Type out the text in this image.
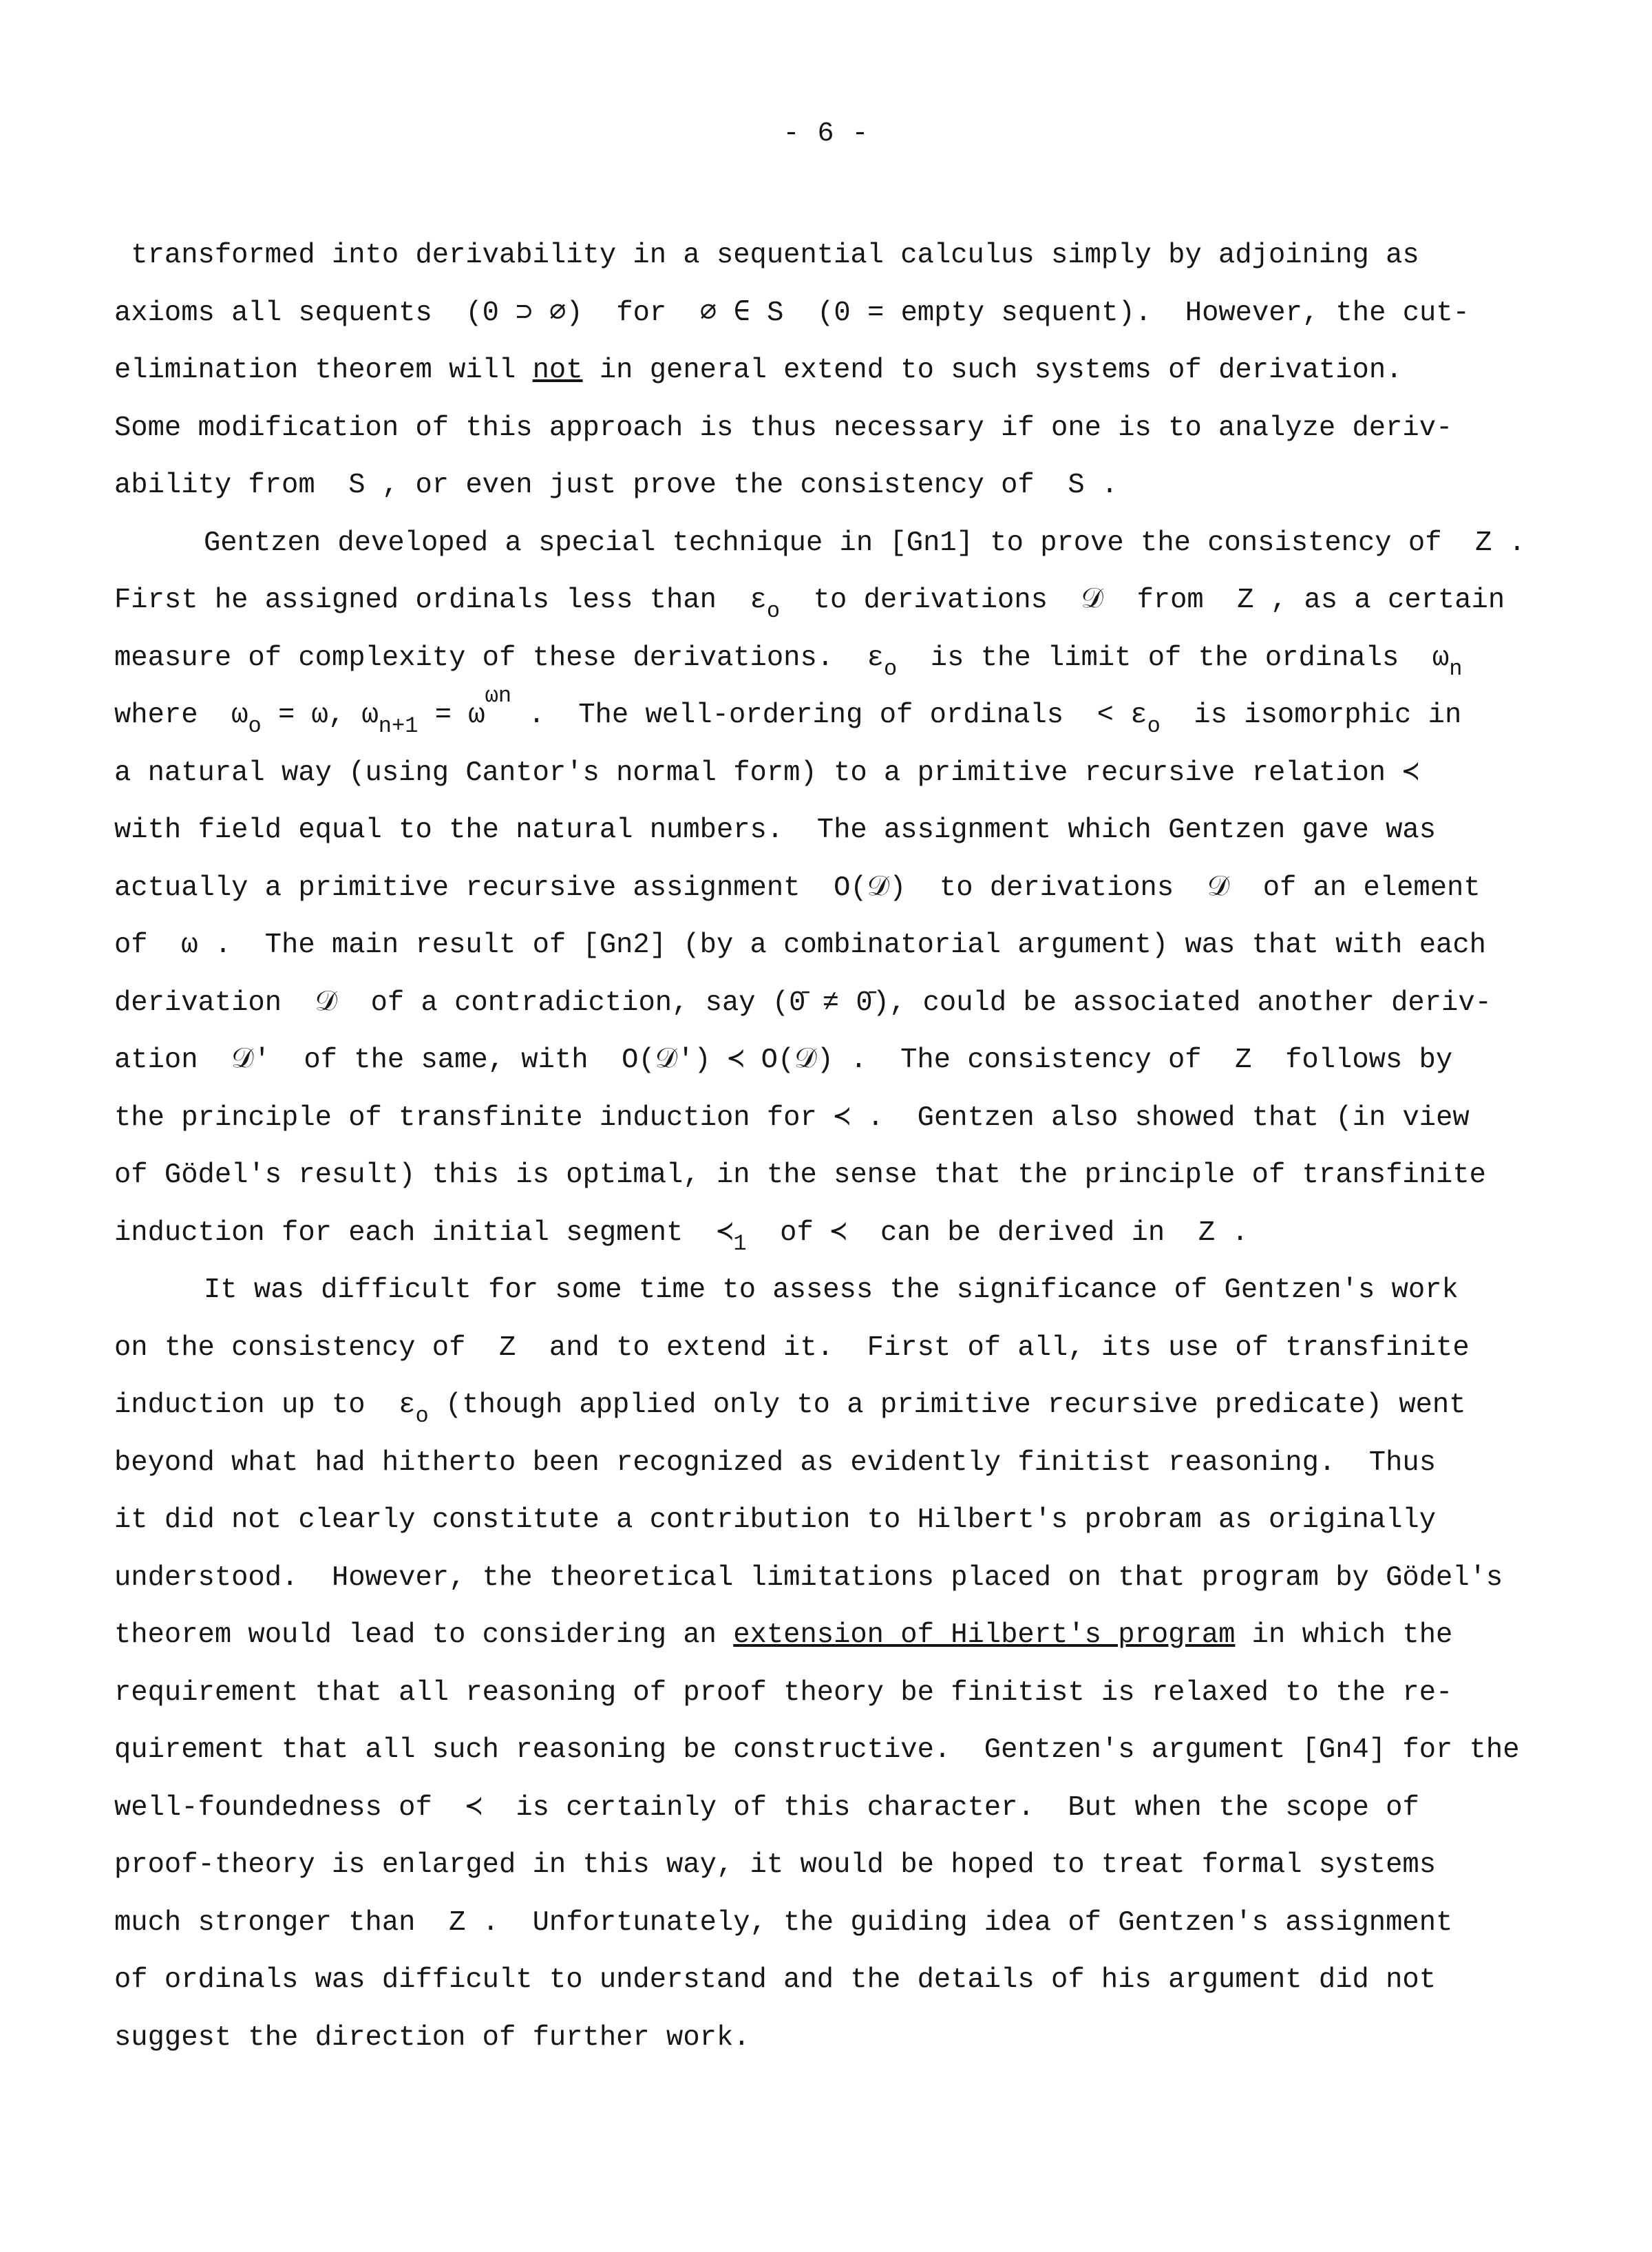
- 6 -
transformed into derivability in a sequential calculus simply by adjoining as
axioms all sequents  (0 ⊃ ∅)  for  ∅ ∈ S  (0 = empty sequent).  However, the cut-
elimination theorem will not in general extend to such systems of derivation.
Some modification of this approach is thus necessary if one is to analyze deriv-
ability from  S , or even just prove the consistency of  S .
Gentzen developed a special technique in [Gn1] to prove the consistency of  Z .
First he assigned ordinals less than  $\varepsilon_o$  to derivations  𝒟  from  Z , as a certain
measure of complexity of these derivations.  $\varepsilon_o$  is the limit of the ordinals  $\omega_n$
where  $\omega_o = \omega$, $\omega_{n+1} = \omega^{\omega n}$ .  The well-ordering of ordinals  < $\varepsilon_o$  is isomorphic in
a natural way (using Cantor's normal form) to a primitive recursive relation ≺
with field equal to the natural numbers.  The assignment which Gentzen gave was
actually a primitive recursive assignment  O(𝒟)  to derivations  𝒟  of an element
of  ω .  The main result of [Gn2] (by a combinatorial argument) was that with each
derivation  𝒟  of a contradiction, say (0̄ ≠ 0̄), could be associated another deriv-
ation  𝒟'  of the same, with  O(𝒟') ≺ O(𝒟) .  The consistency of  Z  follows by
the principle of transfinite induction for ≺ .  Gentzen also showed that (in view
of Gödel's result) this is optimal, in the sense that the principle of transfinite
induction for each initial segment  $≺_1$  of ≺  can be derived in  Z .
It was difficult for some time to assess the significance of Gentzen's work
on the consistency of  Z  and to extend it.  First of all, its use of transfinite
induction up to  $\varepsilon_o$ (though applied only to a primitive recursive predicate) went
beyond what had hitherto been recognized as evidently finitist reasoning.  Thus
it did not clearly constitute a contribution to Hilbert's probram as originally
understood.  However, the theoretical limitations placed on that program by Gödel's
theorem would lead to considering an extension of Hilbert's program in which the
requirement that all reasoning of proof theory be finitist is relaxed to the re-
quirement that all such reasoning be constructive.  Gentzen's argument [Gn4] for the
well-foundedness of  ≺  is certainly of this character.  But when the scope of
proof-theory is enlarged in this way, it would be hoped to treat formal systems
much stronger than  Z .  Unfortunately, the guiding idea of Gentzen's assignment
of ordinals was difficult to understand and the details of his argument did not
suggest the direction of further work.
